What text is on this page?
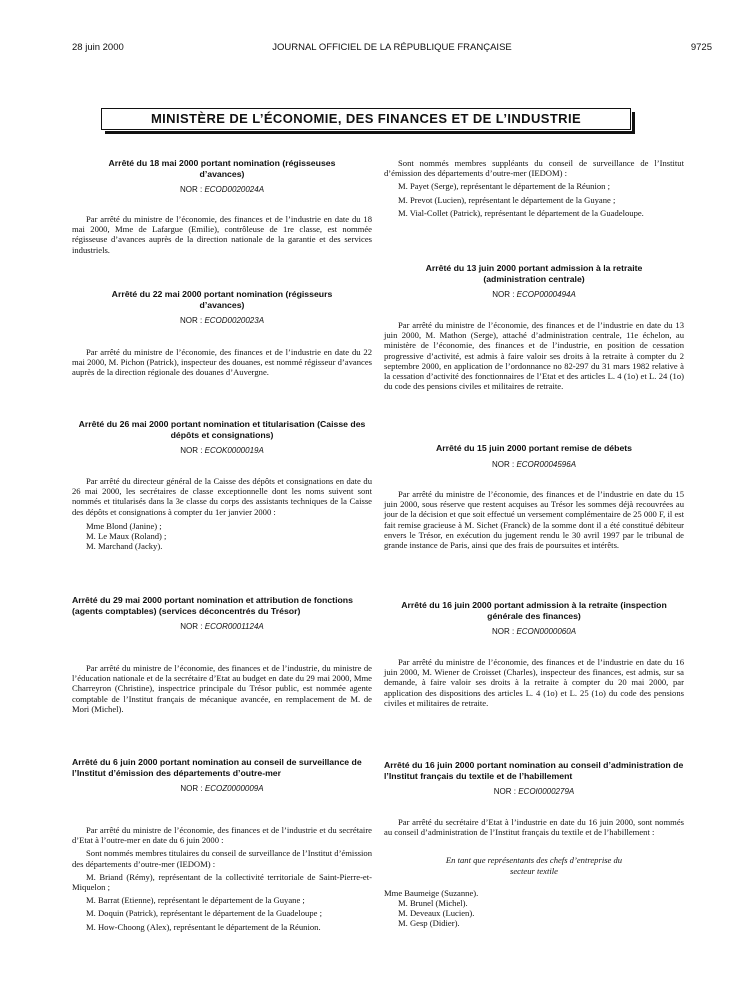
28 juin 2000	JOURNAL OFFICIEL DE LA RÉPUBLIQUE FRANÇAISE	9725
MINISTÈRE DE L’ÉCONOMIE, DES FINANCES ET DE L’INDUSTRIE

Arrêté du 18 mai 2000 portant nomination (régisseuses d’avances)

NOR : ECOD0020024A

Par arrêté du ministre de l’économie, des finances et de l’industrie en date du 18 mai 2000, Mme de Lafargue (Emilie), contrôleuse de 1re classe, est nommée régisseuse d’avances auprès de la direction nationale de la garantie et des services industriels.

Arrêté du 22 mai 2000 portant nomination (régisseurs d’avances)

NOR : ECOD0020023A

Par arrêté du ministre de l’économie, des finances et de l’industrie en date du 22 mai 2000, M. Pichon (Patrick), inspecteur des douanes, est nommé régisseur d’avances auprès de la direction régionale des douanes d’Auvergne.

Arrêté du 26 mai 2000 portant nomination et titularisation (Caisse des dépôts et consignations)

NOR : ECOK0000019A

Par arrêté du directeur général de la Caisse des dépôts et consignations en date du 26 mai 2000, les secrétaires de classe exceptionnelle dont les noms suivent sont nommés et titularisés dans la 3e classe du corps des assistants techniques de la Caisse des dépôts et consignations à compter du 1er janvier 2000 :

Mme Blond (Janine) ;

M. Le Maux (Roland) ;

M. Marchand (Jacky).

Arrêté du 29 mai 2000 portant nomination et attribution de fonctions (agents comptables) (services déconcentrés du Trésor)

NOR : ECOR0001124A

Par arrêté du ministre de l’économie, des finances et de l’industrie, du ministre de l’éducation nationale et de la secrétaire d’Etat au budget en date du 29 mai 2000, Mme Charreyron (Christine), inspectrice principale du Trésor public, est nommée agente comptable de l’Institut français de mécanique avancée, en remplacement de M. de Mori (Michel).

Arrêté du 6 juin 2000 portant nomination au conseil de surveillance de l’Institut d’émission des départements d’outre-mer

NOR : ECOZ0000009A

Par arrêté du ministre de l’économie, des finances et de l’industrie et du secrétaire d’Etat à l’outre-mer en date du 6 juin 2000 :

Sont nommés membres titulaires du conseil de surveillance de l’Institut d’émission des départements d’outre-mer (IEDOM) :

M. Briand (Rémy), représentant de la collectivité territoriale de Saint-Pierre-et-Miquelon ;

M. Barrat (Etienne), représentant le département de la Guyane ;

M. Doquin (Patrick), représentant le département de la Guadeloupe ;

M. How-Choong (Alex), représentant le département de la Réunion.

Sont nommés membres suppléants du conseil de surveillance de l’Institut d’émission des départements d’outre-mer (IEDOM) :

M. Payet (Serge), représentant le département de la Réunion ;

M. Prevot (Lucien), représentant le département de la Guyane ;

M. Vial-Collet (Patrick), représentant le département de la Guadeloupe.

Arrêté du 13 juin 2000 portant admission à la retraite (administration centrale)

NOR : ECOP0000494A

Par arrêté du ministre de l’économie, des finances et de l’industrie en date du 13 juin 2000, M. Mathon (Serge), attaché d’administration centrale, 11e échelon, au ministère de l’économie, des finances et de l’industrie, en position de cessation progressive d’activité, est admis à faire valoir ses droits à la retraite à compter du 2 septembre 2000, en application de l’ordonnance no 82-297 du 31 mars 1982 relative à la cessation d’activité des fonctionnaires de l’Etat et des articles L. 4 (1o) et L. 24 (1o) du code des pensions civiles et militaires de retraite.

Arrêté du 15 juin 2000 portant remise de débets

NOR : ECOR0004596A

Par arrêté du ministre de l’économie, des finances et de l’industrie en date du 15 juin 2000, sous réserve que restent acquises au Trésor les sommes déjà recouvrées au jour de la décision et que soit effectué un versement complémentaire de 25 000 F, il est fait remise gracieuse à M. Sichet (Franck) de la somme dont il a été constitué débiteur envers le Trésor, en exécution du jugement rendu le 30 avril 1997 par le tribunal de grande instance de Paris, ainsi que des frais de poursuites et intérêts.

Arrêté du 16 juin 2000 portant admission à la retraite (inspection générale des finances)

NOR : ECON0000060A

Par arrêté du ministre de l’économie, des finances et de l’industrie en date du 16 juin 2000, M. Wiener de Croisset (Charles), inspecteur des finances, est admis, sur sa demande, à faire valoir ses droits à la retraite à compter du 20 mai 2000, par application des dispositions des articles L. 4 (1o) et L. 25 (1o) du code des pensions civiles et militaires de retraite.

Arrêté du 16 juin 2000 portant nomination au conseil d’administration de l’Institut français du textile et de l’habillement

NOR : ECOI0000279A

Par arrêté du secrétaire d’Etat à l’industrie en date du 16 juin 2000, sont nommés au conseil d’administration de l’Institut français du textile et de l’habillement :

En tant que représentants des chefs d’entreprise du secteur textile

Mme Baumeige (Suzanne).

M. Brunel (Michel).

M. Deveaux (Lucien).

M. Gesp (Didier).
